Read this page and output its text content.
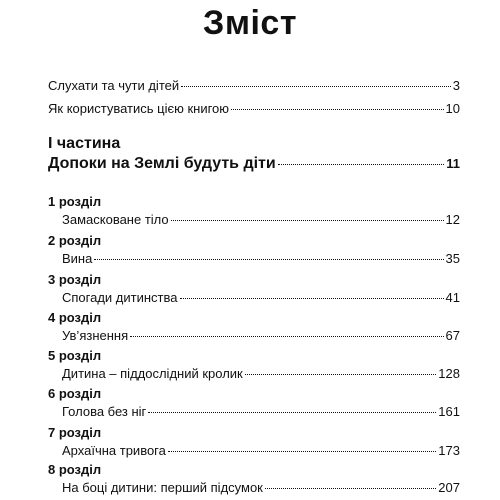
Зміст
Слухати та чути дітей	3
Як користуватись цією книгою	10
I частина
Допоки на Землі будуть діти	11
1 розділ
Замасковане тіло	12
2 розділ
Вина	35
3 розділ
Спогади дитинства	41
4 розділ
Ув’язнення	67
5 розділ
Дитина – піддослідний кролик	128
6 розділ
Голова без ніг	161
7 розділ
Архаїчна тривога	173
8 розділ
На боці дитини: перший підсумок	207
